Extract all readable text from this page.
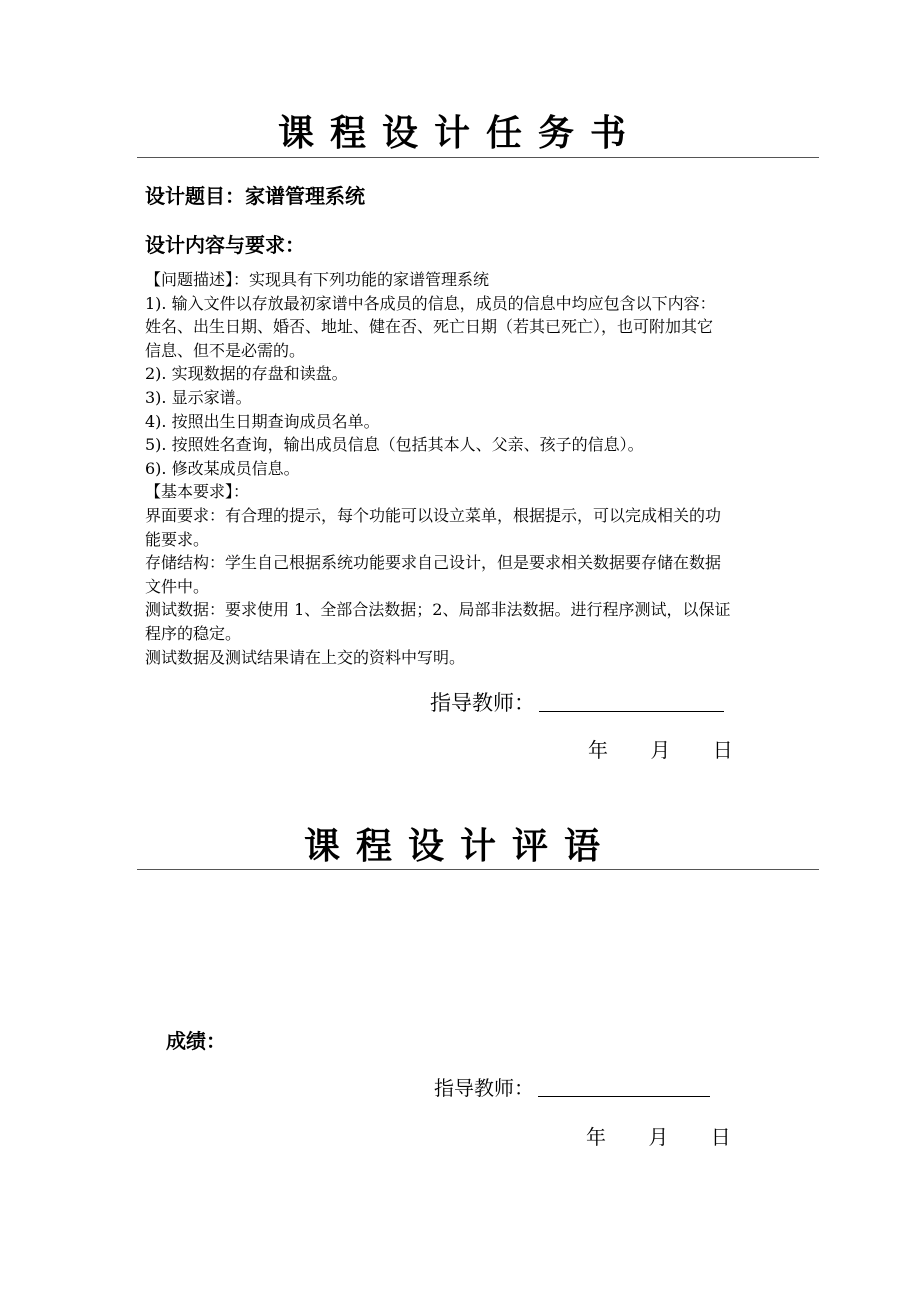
课程设计任务书
设计题目：家谱管理系统
设计内容与要求：

【问题描述】：实现具有下列功能的家谱管理系统

1). 输入文件以存放最初家谱中各成员的信息，成员的信息中均应包含以下内容：

姓名、出生日期、婚否、地址、健在否、死亡日期（若其已死亡），也可附加其它

信息、但不是必需的。

2). 实现数据的存盘和读盘。

3). 显示家谱。

4). 按照出生日期查询成员名单。

5). 按照姓名查询，输出成员信息（包括其本人、父亲、孩子的信息）。

6). 修改某成员信息。

【基本要求】：

界面要求：有合理的提示，每个功能可以设立菜单，根据提示，可以完成相关的功

能要求。

存储结构：学生自己根据系统功能要求自己设计，但是要求相关数据要存储在数据

文件中。

测试数据：要求使用 1、全部合法数据；2、局部非法数据。进行程序测试，以保证

程序的稳定。

测试数据及测试结果请在上交的资料中写明。

指导教师：
年 月 日
课程设计评语
成绩：
指导教师：
年 月 日
